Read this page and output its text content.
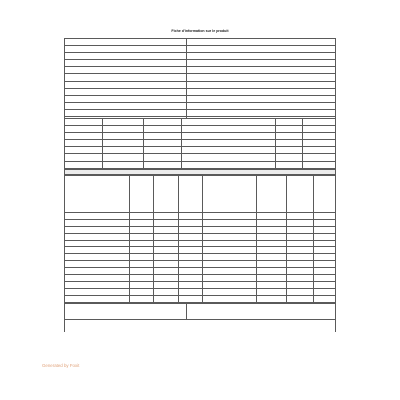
Fiche d'information sur le produit

Generated by Foxit
